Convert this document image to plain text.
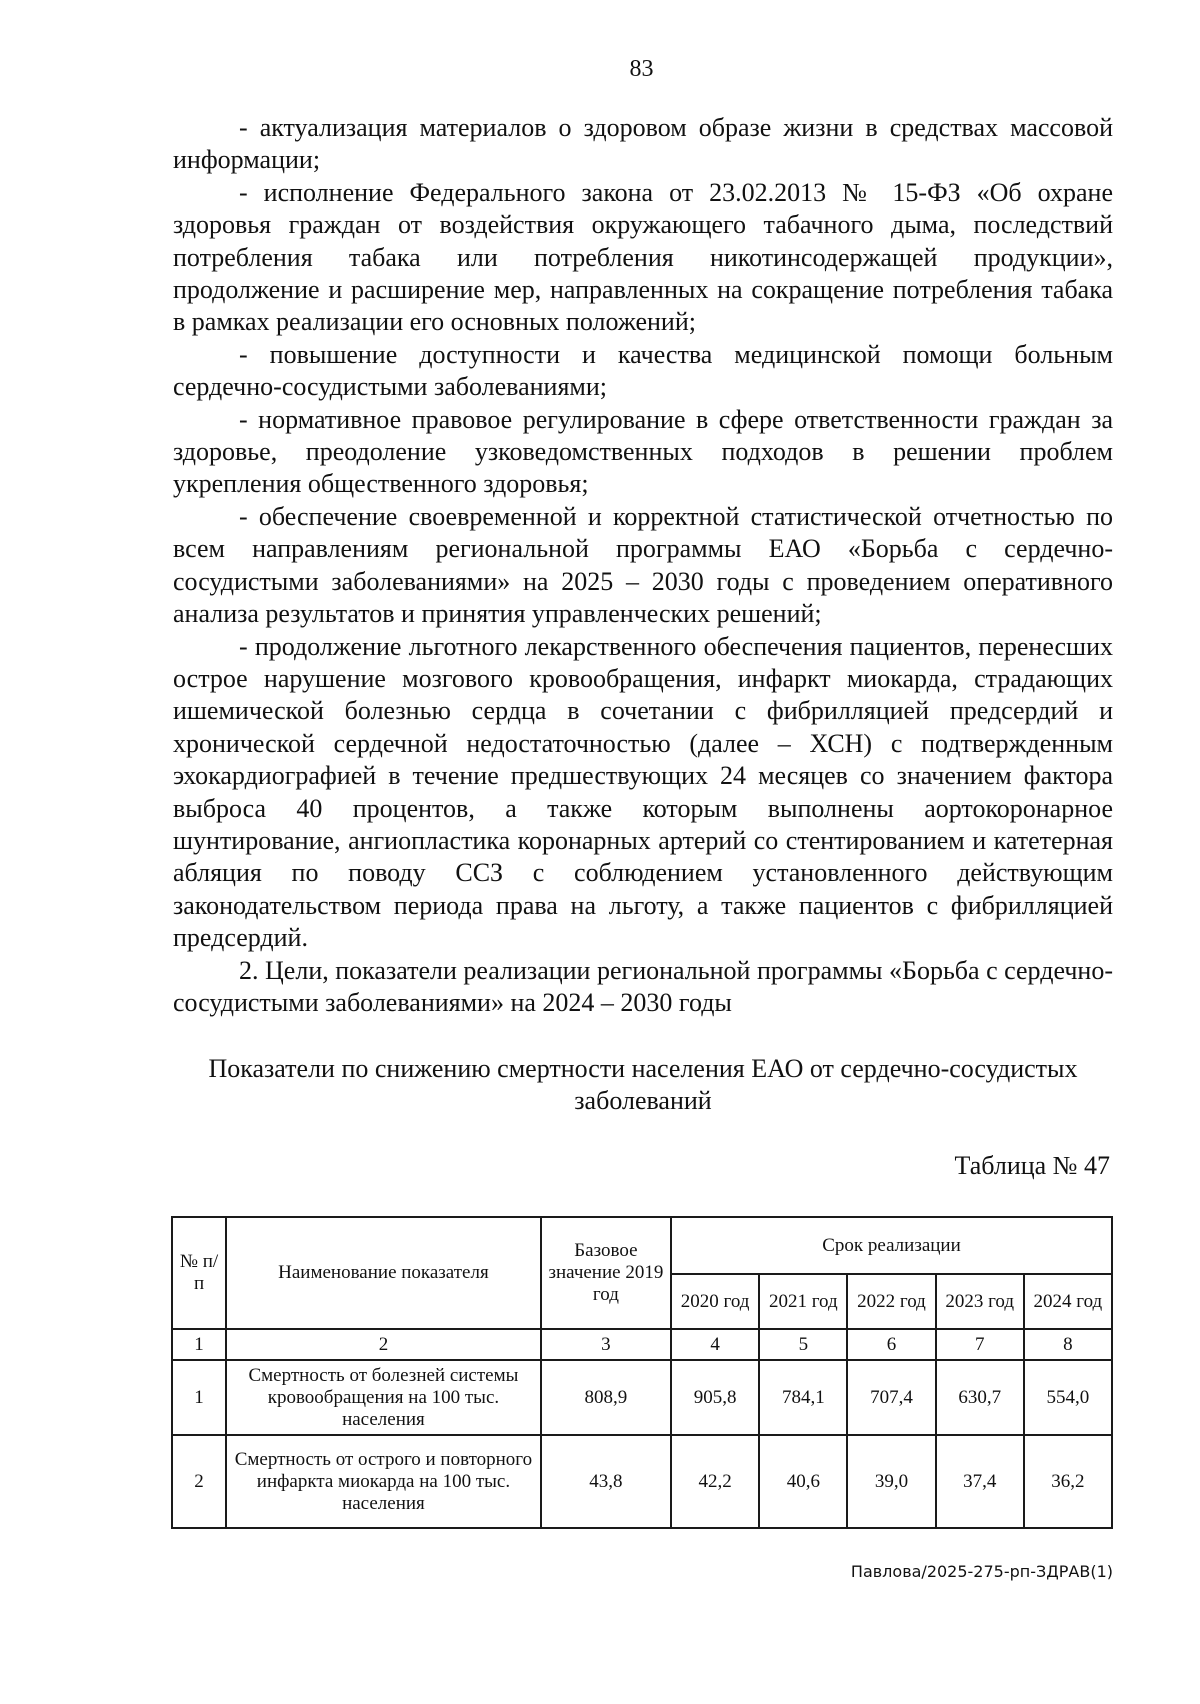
83

- актуализация материалов о здоровом образе жизни в средствах массовой информации;

- исполнение Федерального закона от 23.02.2013 № 15-ФЗ «Об охране здоровья граждан от воздействия окружающего табачного дыма, последствий потребления табака или потребления никотинсодержащей продукции», продолжение и расширение мер, направленных на сокращение потребления табака в рамках реализации его основных положений;

- повышение доступности и качества медицинской помощи больным сердечно-сосудистыми заболеваниями;

- нормативное правовое регулирование в сфере ответственности граждан за здоровье, преодоление узковедомственных подходов в решении проблем укрепления общественного здоровья;

- обеспечение своевременной и корректной статистической отчетностью по всем направлениям региональной программы ЕАО «Борьба с сердечно-сосудистыми заболеваниями» на 2025 – 2030 годы с проведением оперативного анализа результатов и принятия управленческих решений;

- продолжение льготного лекарственного обеспечения пациентов, перенесших острое нарушение мозгового кровообращения, инфаркт миокарда, страдающих ишемической болезнью сердца в сочетании с фибрилляцией предсердий и хронической сердечной недостаточностью (далее – ХСН) с подтвержденным эхокардиографией в течение предшествующих 24 месяцев со значением фактора выброса 40 процентов, а также которым выполнены аортокоронарное шунтирование, ангиопластика коронарных артерий со стентированием и катетерная абляция по поводу ССЗ с соблюдением установленного действующим законодательством периода права на льготу, а также пациентов с фибрилляцией предсердий.

2. Цели, показатели реализации региональной программы «Борьба с сердечно-сосудистыми заболеваниями» на 2024 – 2030 годы

Показатели по снижению смертности населения ЕАО от сердечно-сосудистых заболеваний
Таблица № 47
№ п/п	Наименование показателя	Базовое значение 2019 год	Срок реализации				
			2020 год	2021 год	2022 год	2023 год	2024 год
1	2	3	4	5	6	7	8
1	Смертность от болезней системы кровообращения на 100 тыс. населения	808,9	905,8	784,1	707,4	630,7	554,0
2	Смертность от острого и повторного инфаркта миокарда на 100 тыс. населения	43,8	42,2	40,6	39,0	37,4	36,2
Павлова/2025-275-рп-ЗДРАВ(1)
